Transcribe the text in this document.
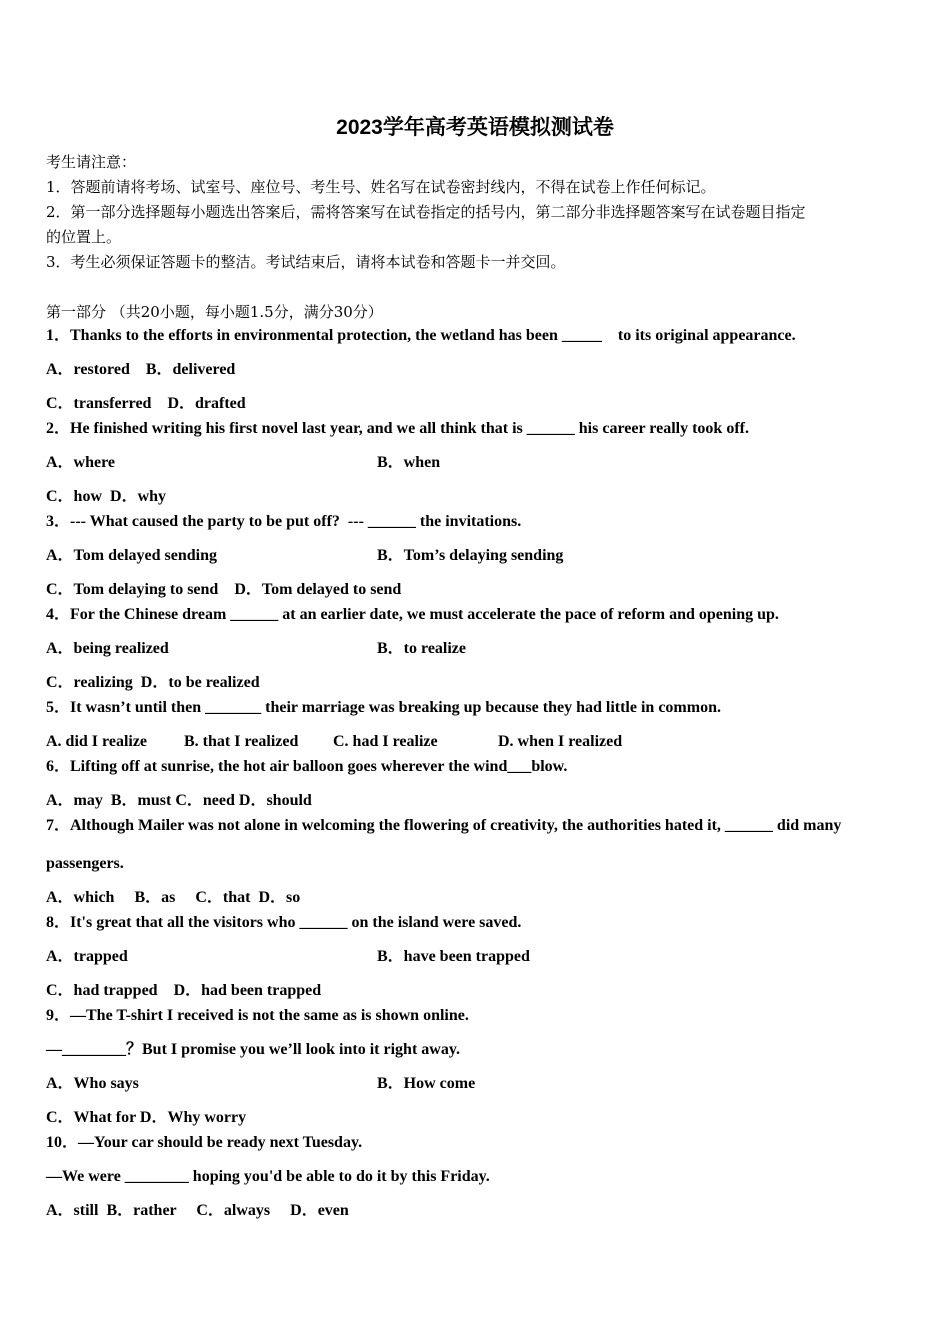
2023学年高考英语模拟测试卷
考生请注意：
1．答题前请将考场、试室号、座位号、考生号、姓名写在试卷密封线内，不得在试卷上作任何标记。
2．第一部分选择题每小题选出答案后，需将答案写在试卷指定的括号内，第二部分非选择题答案写在试卷题目指定
的位置上。
3．考生必须保证答题卡的整洁。考试结束后，请将本试卷和答题卡一并交回。
第一部分 （共20小题，每小题1.5分，满分30分）
1．Thanks to the efforts in environmental protection, the wetland has been _____    to its original appearance.
A．restored    B．delivered
C．transferred    D．drafted
2．He finished writing his first novel last year, and we all think that is ______ his career really took off.
A．where	B．when
C．how  D．why
3．--- What caused the party to be put off?  --- ______ the invitations.
A．Tom delayed sending	B．Tom’s delaying sending
C．Tom delaying to send    D．Tom delayed to send
4．For the Chinese dream ______ at an earlier date, we must accelerate the pace of reform and opening up.
A．being realized	B．to realize
C．realizing  D．to be realized
5．It wasn’t until then _______ their marriage was breaking up because they had little in common.
A. did I realize B. that I realized C. had I realize	D. when I realized
6．Lifting off at sunrise, the hot air balloon goes wherever the wind___blow.
A．may  B．must C．need D．should
7．Although Mailer was not alone in welcoming the flowering of creativity, the authorities hated it, ______ did many
passengers.
A．which     B．as     C．that  D．so
8．It's great that all the visitors who ______ on the island were saved.
A．trapped	B．have been trapped
C．had trapped    D．had been trapped
9．—The T-shirt I received is not the same as is shown online.
—________？But I promise you we’ll look into it right away.
A．Who says	B．How come
C．What for D．Why worry
10．—Your car should be ready next Tuesday.
—We were ________ hoping you'd be able to do it by this Friday.
A．still  B．rather     C．always     D．even
